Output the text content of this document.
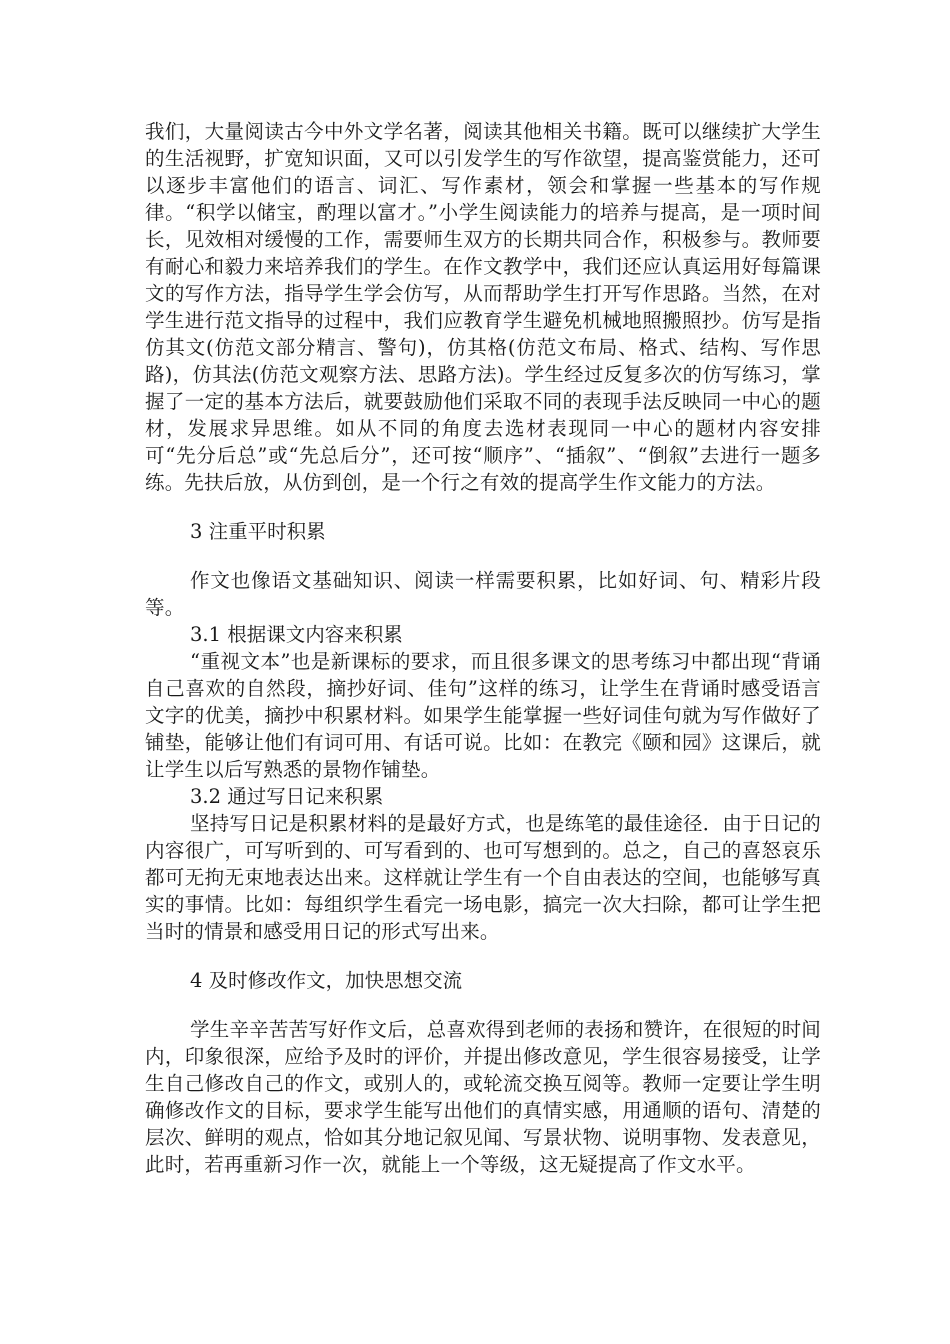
我们，大量阅读古今中外文学名著，阅读其他相关书籍。既可以继续扩大学生的生活视野，扩宽知识面，又可以引发学生的写作欲望，提高鉴赏能力，还可以逐步丰富他们的语言、词汇、写作素材，领会和掌握一些基本的写作规律。“积学以储宝，酌理以富才。”小学生阅读能力的培养与提高，是一项时间长，见效相对缓慢的工作，需要师生双方的长期共同合作，积极参与。教师要有耐心和毅力来培养我们的学生。在作文教学中，我们还应认真运用好每篇课文的写作方法，指导学生学会仿写，从而帮助学生打开写作思路。当然，在对学生进行范文指导的过程中，我们应教育学生避免机械地照搬照抄。仿写是指仿其文(仿范文部分精言、警句)，仿其格(仿范文布局、格式、结构、写作思路)，仿其法(仿范文观察方法、思路方法)。学生经过反复多次的仿写练习，掌握了一定的基本方法后，就要鼓励他们采取不同的表现手法反映同一中心的题材，发展求异思维。如从不同的角度去选材表现同一中心的题材内容安排可“先分后总”或“先总后分”，还可按“顺序”、“插叙”、“倒叙”去进行一题多练。先扶后放，从仿到创，是一个行之有效的提高学生作文能力的方法。

3 注重平时积累

作文也像语文基础知识、阅读一样需要积累，比如好词、句、精彩片段等。

3.1 根据课文内容来积累

“重视文本”也是新课标的要求，而且很多课文的思考练习中都出现“背诵自己喜欢的自然段，摘抄好词、佳句”这样的练习，让学生在背诵时感受语言文字的优美，摘抄中积累材料。如果学生能掌握一些好词佳句就为写作做好了铺垫，能够让他们有词可用、有话可说。比如：在教完《颐和园》这课后，就让学生以后写熟悉的景物作铺垫。

3.2 通过写日记来积累

坚持写日记是积累材料的是最好方式，也是练笔的最佳途径．由于日记的内容很广，可写听到的、可写看到的、也可写想到的。总之，自己的喜怒哀乐都可无拘无束地表达出来。这样就让学生有一个自由表达的空间，也能够写真实的事情。比如：每组织学生看完一场电影，搞完一次大扫除，都可让学生把当时的情景和感受用日记的形式写出来。

4 及时修改作文，加快思想交流

学生辛辛苦苦写好作文后，总喜欢得到老师的表扬和赞许，在很短的时间内，印象很深，应给予及时的评价，并提出修改意见，学生很容易接受，让学生自己修改自己的作文，或别人的，或轮流交换互阅等。教师一定要让学生明确修改作文的目标，要求学生能写出他们的真情实感，用通顺的语句、清楚的层次、鲜明的观点，恰如其分地记叙见闻、写景状物、说明事物、发表意见，此时，若再重新习作一次，就能上一个等级，这无疑提高了作文水平。
